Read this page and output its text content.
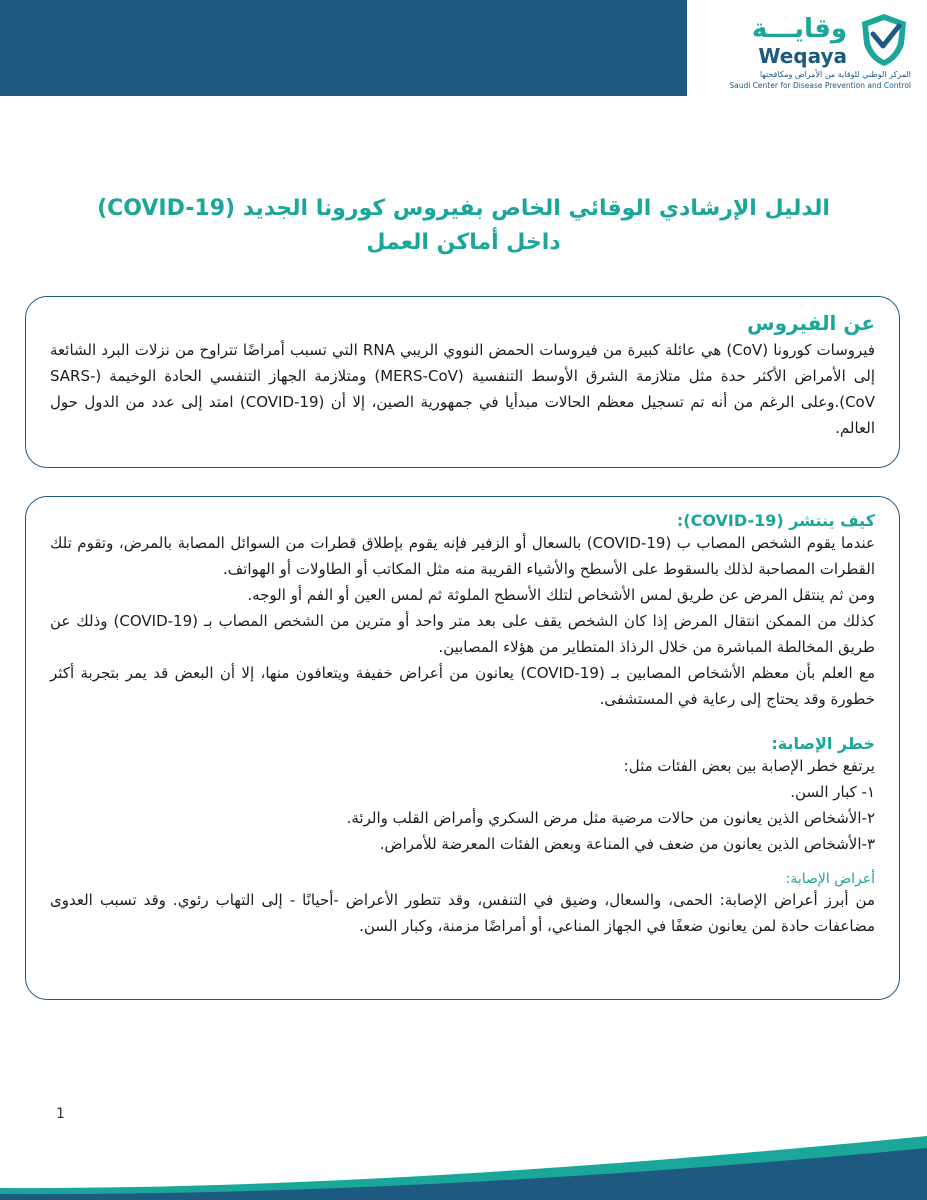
وقايـــة
Weqaya
المركز الوطني للوقاية من الأمراض ومكافحتها
Saudi Center for Disease Prevention and Control
الدليل الإرشادي الوقائي الخاص بفيروس كورونا الجديد (COVID-19)
داخل أماكن العمل
عن الفيروس

فيروسات كورونا (CoV) هي عائلة كبيرة من فيروسات الحمض النووي الريبي RNA التي تسبب أمراضًا تتراوح من نزلات البرد الشائعة إلى الأمراض الأكثر حدة مثل متلازمة الشرق الأوسط التنفسية (MERS-CoV) ومتلازمة الجهاز التنفسي الحادة الوخيمة (SARS-CoV).وعلى الرغم من أنه تم تسجيل معظم الحالات مبدأيا في جمهورية الصين، إلا أن (COVID-19) امتد إلى عدد من الدول حول العالم.

كيف ينتشر (COVID-19):

عندما يقوم الشخص المصاب ب (COVID-19) بالسعال أو الزفير فإنه يقوم بإطلاق قطرات من السوائل المصابة بالمرض، وتقوم تلك القطرات المصاحبة لذلك بالسقوط على الأسطح والأشياء القريبة منه مثل المكاتب أو الطاولات أو الهواتف.

ومن ثم ينتقل المرض عن طريق لمس الأشخاص لتلك الأسطح الملوثة ثم لمس العين أو الفم أو الوجه.

كذلك من الممكن انتقال المرض إذا كان الشخص يقف على بعد متر واحد أو مترين من الشخص المصاب بـ (COVID-19) وذلك عن طريق المخالطة المباشرة من خلال الرذاذ المتطاير من هؤلاء المصابين.

مع العلم بأن معظم الأشخاص المصابين بـ (COVID-19) يعانون من أعراض خفيفة ويتعافون منها، إلا أن البعض قد يمر بتجربة أكثر خطورة وقد يحتاج إلى رعاية في المستشفى.

خطر الإصابة:

يرتفع خطر الإصابة بين بعض الفئات مثل:

١- كبار السن.

٢-الأشخاص الذين يعانون من حالات مرضية مثل مرض السكري وأمراض القلب والرئة.

٣-الأشخاص الذين يعانون من ضعف في المناعة وبعض الفئات المعرضة للأمراض.

أعراض الإصابة:

من أبرز أعراض الإصابة: الحمى، والسعال، وضيق في التنفس، وقد تتطور الأعراض -أحيانًا - إلى التهاب رئوي. وقد تسبب العدوى مضاعفات حادة لمن يعانون ضعفًا في الجهاز المناعي، أو أمراضًا مزمنة، وكبار السن.

1
